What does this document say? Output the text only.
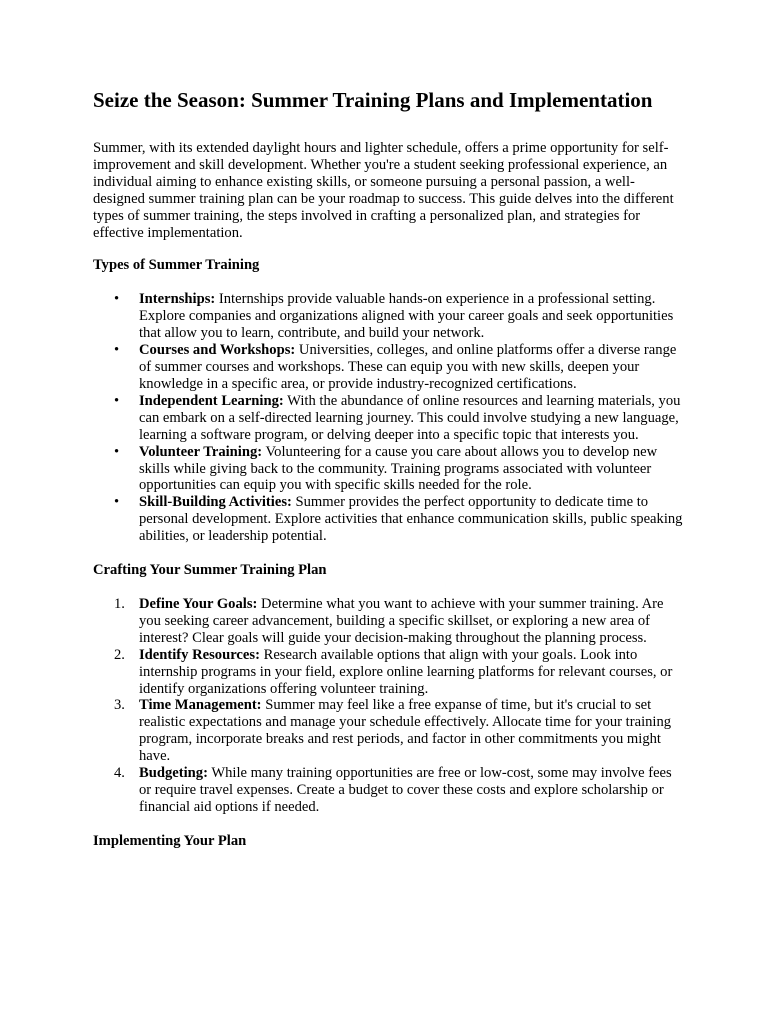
Seize the Season: Summer Training Plans and Implementation

Summer, with its extended daylight hours and lighter schedule, offers a prime opportunity for self-improvement and skill development. Whether you're a student seeking professional experience, an individual aiming to enhance existing skills, or someone pursuing a personal passion, a well-designed summer training plan can be your roadmap to success. This guide delves into the different types of summer training, the steps involved in crafting a personalized plan, and strategies for effective implementation.

Types of Summer Training
•	Internships: Internships provide valuable hands-on experience in a professional setting. Explore companies and organizations aligned with your career goals and seek opportunities that allow you to learn, contribute, and build your network.
•	Courses and Workshops: Universities, colleges, and online platforms offer a diverse range of summer courses and workshops. These can equip you with new skills, deepen your knowledge in a specific area, or provide industry-recognized certifications.
•	Independent Learning: With the abundance of online resources and learning materials, you can embark on a self-directed learning journey. This could involve studying a new language, learning a software program, or delving deeper into a specific topic that interests you.
•	Volunteer Training: Volunteering for a cause you care about allows you to develop new skills while giving back to the community. Training programs associated with volunteer opportunities can equip you with specific skills needed for the role.
•	Skill-Building Activities: Summer provides the perfect opportunity to dedicate time to personal development. Explore activities that enhance communication skills, public speaking abilities, or leadership potential.
Crafting Your Summer Training Plan
1. Define Your Goals: Determine what you want to achieve with your summer training. Are you seeking career advancement, building a specific skillset, or exploring a new area of interest? Clear goals will guide your decision-making throughout the planning process.
2. Identify Resources: Research available options that align with your goals. Look into internship programs in your field, explore online learning platforms for relevant courses, or identify organizations offering volunteer training.
3. Time Management: Summer may feel like a free expanse of time, but it's crucial to set realistic expectations and manage your schedule effectively. Allocate time for your training program, incorporate breaks and rest periods, and factor in other commitments you might have.
4. Budgeting: While many training opportunities are free or low-cost, some may involve fees or require travel expenses. Create a budget to cover these costs and explore scholarship or financial aid options if needed.
Implementing Your Plan
